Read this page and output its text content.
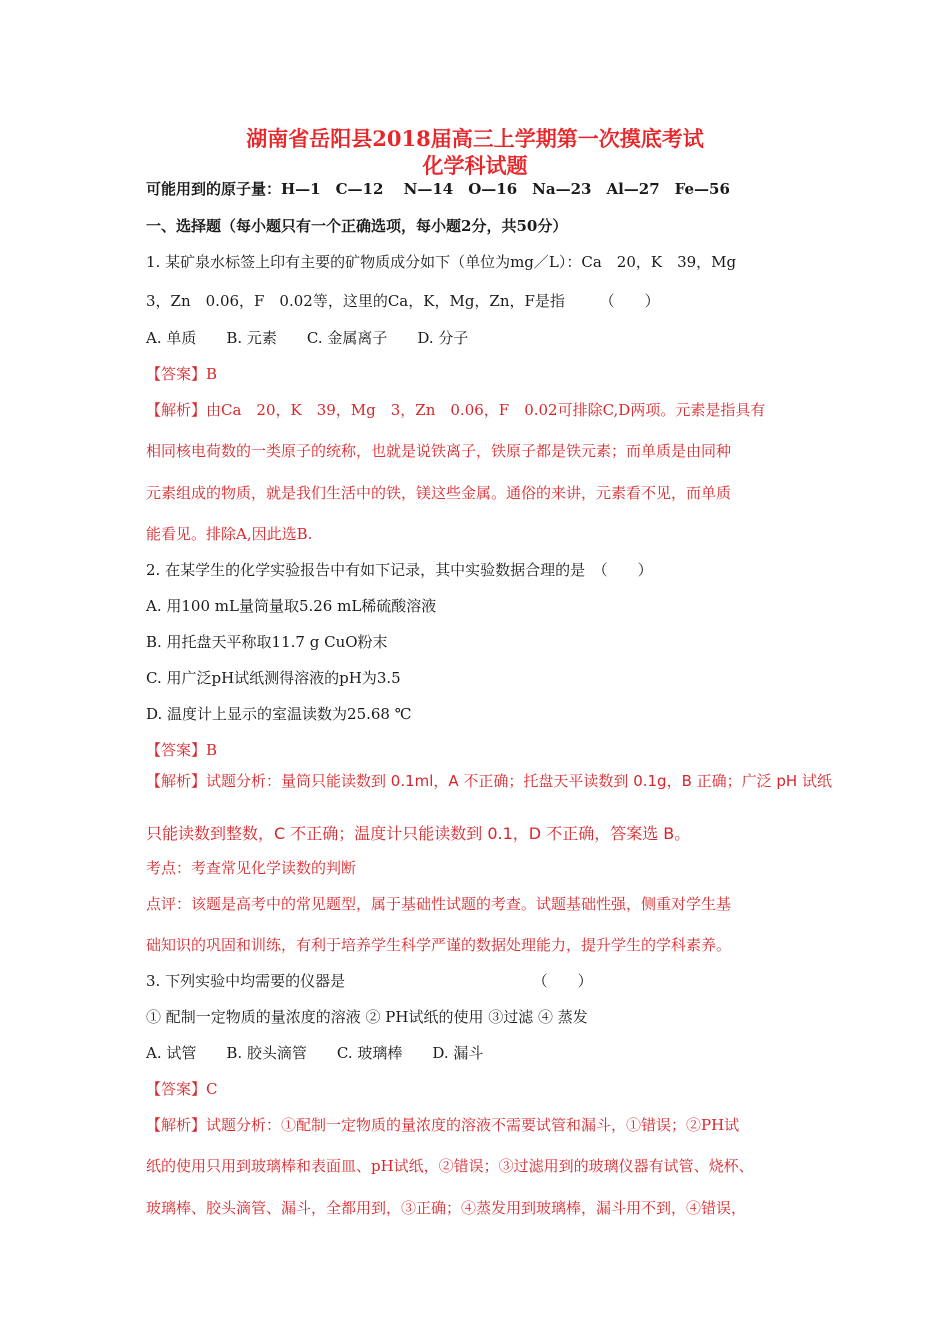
湖南省岳阳县2018届高三上学期第一次摸底考试
化学科试题
可能用到的原子量：H—1　C—12　 N—14　O—16　Na—23　Al—27　Fe—56
一、选择题（每小题只有一个正确选项，每小题2分，共50分）
1. 某矿泉水标签上印有主要的矿物质成分如下（单位为mg／L）：Ca　20，K　39，Mg
3，Zn　0.06，F　0.02等，这里的Ca，K，Mg，Zn，F是指　　 （　　）
A. 单质　　B. 元素　　C. 金属离子　　D. 分子
【答案】B
【解析】由Ca　20，K　39，Mg　3，Zn　0.06，F　0.02可排除C,D两项。元素是指具有
相同核电荷数的一类原子的统称，也就是说铁离子，铁原子都是铁元素；而单质是由同种
元素组成的物质，就是我们生活中的铁，镁这些金属。通俗的来讲，元素看不见，而单质
能看见。排除A,因此选B.
2. 在某学生的化学实验报告中有如下记录，其中实验数据合理的是　（　　）
A. 用100 mL量筒量取5.26 mL稀硫酸溶液
B. 用托盘天平称取11.7 g CuO粉末
C. 用广泛pH试纸测得溶液的pH为3.5
D. 温度计上显示的室温读数为25.68 ℃
【答案】B
【解析】试题分析：量筒只能读数到 0.1ml，A 不正确；托盘天平读数到 0.1g，B 正确；广泛 pH 试纸
只能读数到整数，C 不正确；温度计只能读数到 0.1，D 不正确，答案选 B。
考点：考查常见化学读数的判断
点评：该题是高考中的常见题型，属于基础性试题的考查。试题基础性强，侧重对学生基
础知识的巩固和训练，有利于培养学生科学严谨的数据处理能力，提升学生的学科素养。
3. 下列实验中均需要的仪器是　　　　　　　　　　　　　（　　）
① 配制一定物质的量浓度的溶液 ② PH试纸的使用 ③过滤 ④ 蒸发
A. 试管　　B. 胶头滴管　　C. 玻璃棒　　D. 漏斗
【答案】C
【解析】试题分析：①配制一定物质的量浓度的溶液不需要试管和漏斗，①错误；②PH试
纸的使用只用到玻璃棒和表面皿、pH试纸，②错误；③过滤用到的玻璃仪器有试管、烧杯、
玻璃棒、胶头滴管、漏斗，全都用到，③正确；④蒸发用到玻璃棒，漏斗用不到，④错误，
